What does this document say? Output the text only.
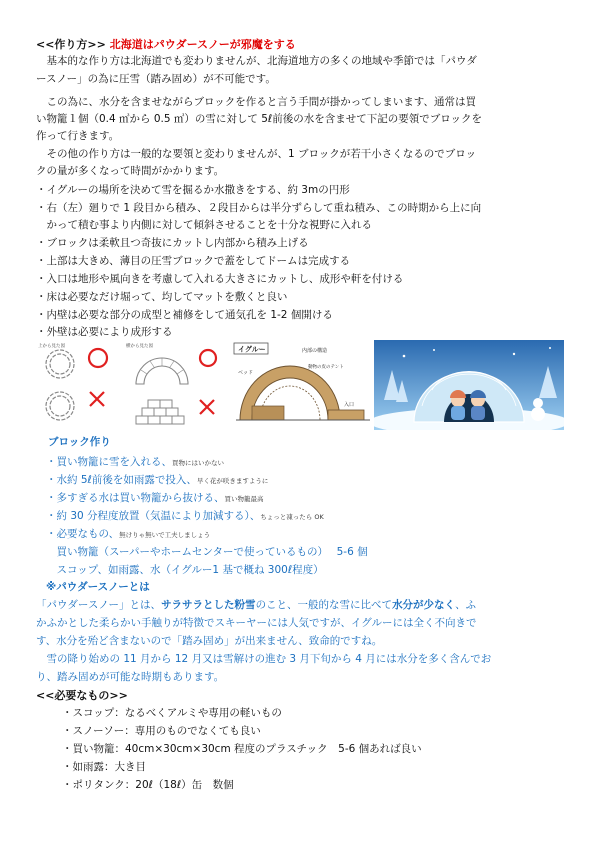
<<作り方>> 北海道はパウダースノーが邪魔をする
　基本的な作り方は北海道でも変わりませんが、北海道地方の多くの地域や季節では「パウダ
ースノー」の為に圧雪（踏み固め）が不可能です。
　この為に、水分を含ませながらブロックを作ると言う手間が掛かってしまいます、通常は買
い物籠１個（0.4 ㎥から 0.5 ㎥）の雪に対して 5ℓ前後の水を含ませて下記の要領でブロックを
作って行きます。
　その他の作り方は一般的な要領と変わりませんが、1 ブロックが若干小さくなるのでブロッ
クの量が多くなって時間がかかります。
・イグルーの場所を決めて雪を掘るか水撒きをする、約 3mの円形
・右（左）廻りで 1 段目から積み、２段目からは半分ずらして重ね積み、この時期から上に向
　かって積む事より内側に対して傾斜させることを十分な視野に入れる
・ブロックは柔軟且つ奇抜にカットし内部から積み上げる
・上部は大きめ、薄目の圧雪ブロックで蓋をしてドームは完成する
・入口は地形や風向きを考慮して入れる大きさにカットし、成形や軒を付ける
・床は必要なだけ堀って、均してマットを敷くと良い
・内壁は必要な部分の成型と補修をして通気孔を 1-2 個開ける
・外壁は必要により成形する
上から見た図	横から見た図	イグルー	内部の構造
ベッド
動物の皮のテント
入口
ブロック作り
・買い物籠に雪を入れる、買物にはいかない
・水約 5ℓ前後を如雨露で投入、早く花が咲きますように
・多すぎる水は買い物籠から抜ける、買い物籠最高
・約 30 分程度放置（気温により加減する）、ちょっと凍ったら OK
・必要なもの、無けりゃ無いで工夫しましょう
　買い物籠（スーパーやホームセンターで使っているもの）　 5-6 個
　スコップ、如雨露、水（イグルー1 基で概ね 300ℓ程度）
※パウダースノーとは
「パウダースノー」とは、サラサラとした粉雪のこと、一般的な雪に比べて水分が少なく、ふ
かふかとした柔らかい手触りが特徴でスキーヤーには人気ですが、イグルーには全く不向きで
す、水分を殆ど含まないので「踏み固め」が出来ません、致命的ですね。
　雪の降り始めの 11 月から 12 月又は雪解けの進む 3 月下旬から 4 月には水分を多く含んでお
り、踏み固めが可能な時期もあります。
<<必要なもの>>
・スコップ：なるべくアルミや専用の軽いもの
・スノーソー：専用のものでなくても良い
・買い物籠：40cm×30cm×30cm 程度のプラスチック　5-6 個あれば良い
・如雨露：大き目
・ポリタンク：20ℓ（18ℓ）缶　数個
